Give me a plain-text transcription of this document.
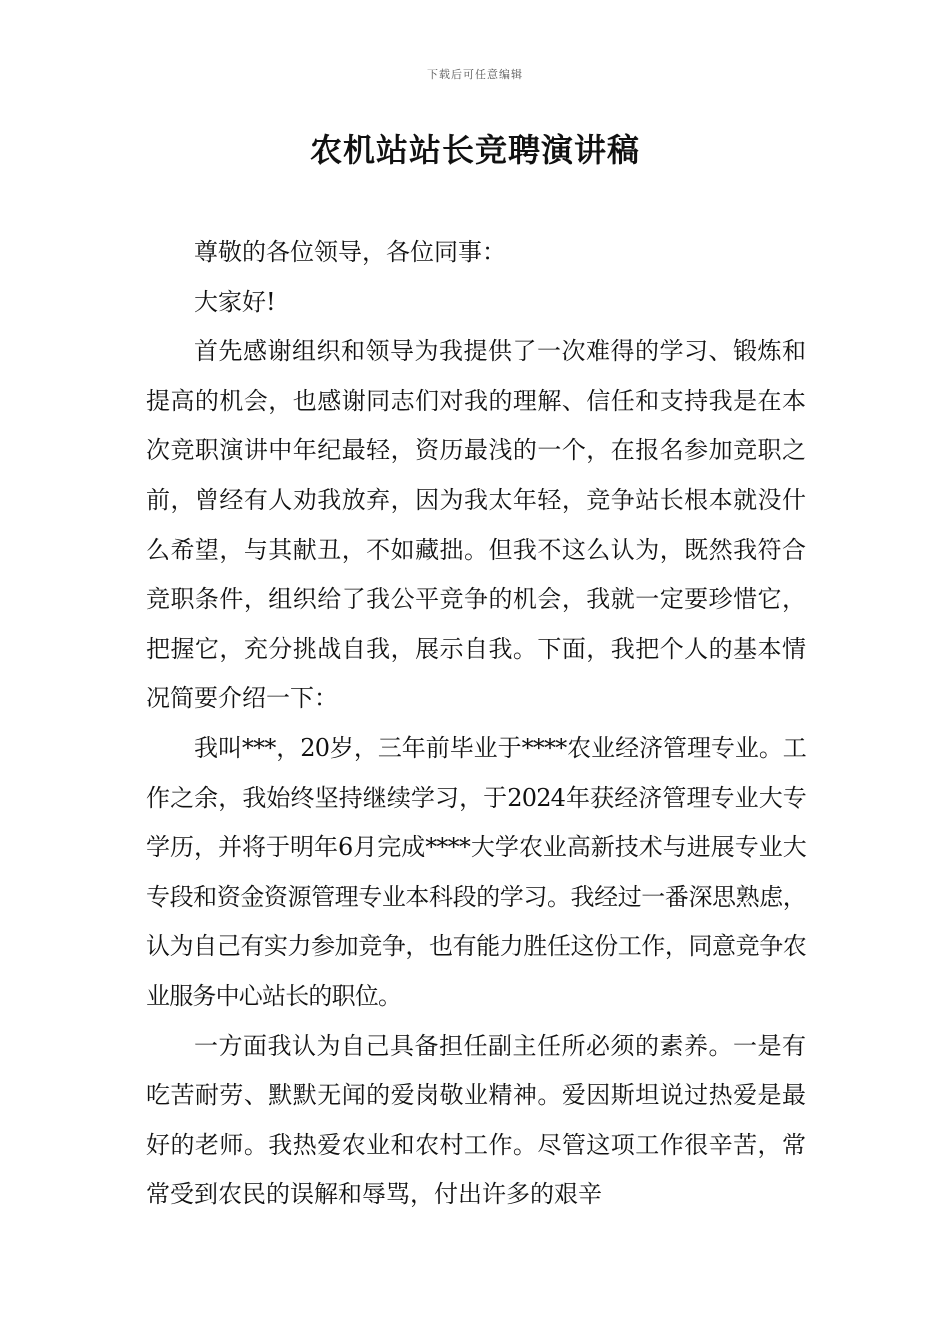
下载后可任意编辑
农机站站长竞聘演讲稿

尊敬的各位领导，各位同事：

大家好!

首先感谢组织和领导为我提供了一次难得的学习、锻炼和提高的机会，也感谢同志们对我的理解、信任和支持我是在本次竞职演讲中年纪最轻，资历最浅的一个，在报名参加竞职之前，曾经有人劝我放弃，因为我太年轻，竞争站长根本就没什么希望，与其献丑，不如藏拙。但我不这么认为，既然我符合竞职条件，组织给了我公平竞争的机会，我就一定要珍惜它，把握它，充分挑战自我，展示自我。下面，我把个人的基本情况简要介绍一下：

我叫***，20岁，三年前毕业于****农业经济管理专业。工作之余，我始终坚持继续学习，于2024年获经济管理专业大专学历，并将于明年6月完成****大学农业高新技术与进展专业大专段和资金资源管理专业本科段的学习。我经过一番深思熟虑，认为自己有实力参加竞争，也有能力胜任这份工作，同意竞争农业服务中心站长的职位。

一方面我认为自己具备担任副主任所必须的素养。一是有吃苦耐劳、默默无闻的爱岗敬业精神。爱因斯坦说过热爱是最好的老师。我热爱农业和农村工作。尽管这项工作很辛苦，常常受到农民的误解和辱骂，付出许多的艰辛
